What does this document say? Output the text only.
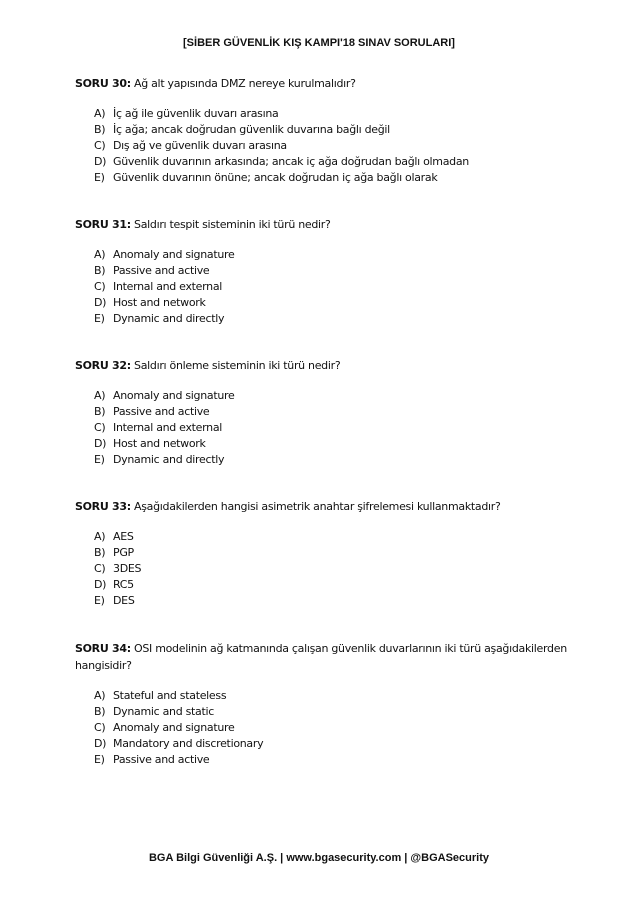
[SİBER GÜVENLİK KIŞ KAMPI'18 SINAV SORULARI]
SORU 30: Ağ alt yapısında DMZ nereye kurulmalıdır?
A) İç ağ ile güvenlik duvarı arasına
B) İç ağa; ancak doğrudan güvenlik duvarına bağlı değil
C) Dış ağ ve güvenlik duvarı arasına
D) Güvenlik duvarının arkasında; ancak iç ağa doğrudan bağlı olmadan
E) Güvenlik duvarının önüne; ancak doğrudan iç ağa bağlı olarak
SORU 31: Saldırı tespit sisteminin iki türü nedir?
A) Anomaly and signature
B) Passive and active
C) Internal and external
D) Host and network
E) Dynamic and directly
SORU 32: Saldırı önleme sisteminin iki türü nedir?
A) Anomaly and signature
B) Passive and active
C) Internal and external
D) Host and network
E) Dynamic and directly
SORU 33: Aşağıdakilerden hangisi asimetrik anahtar şifrelemesi kullanmaktadır?
A) AES
B) PGP
C) 3DES
D) RC5
E) DES
SORU 34: OSI modelinin ağ katmanında çalışan güvenlik duvarlarının iki türü aşağıdakilerden hangisidir?
A) Stateful and stateless
B) Dynamic and static
C) Anomaly and signature
D) Mandatory and discretionary
E) Passive and active
BGA Bilgi Güvenliği A.Ş. | www.bgasecurity.com | @BGASecurity
